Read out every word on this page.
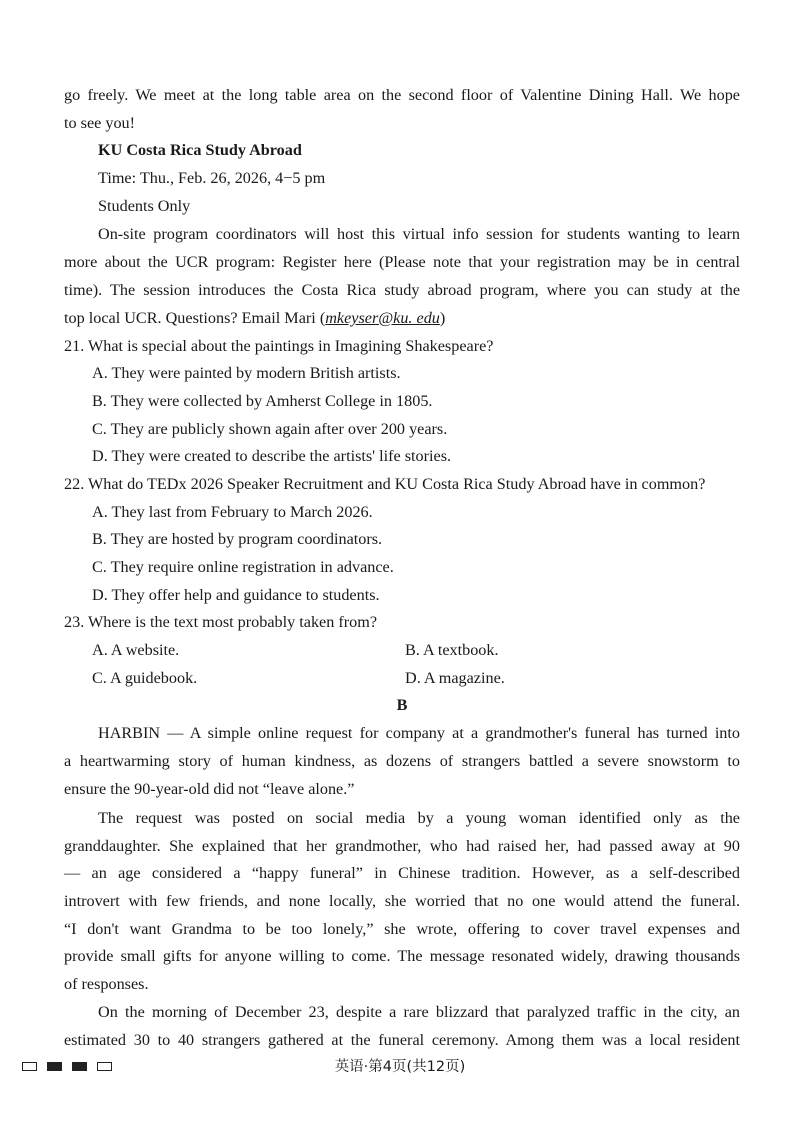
go freely. We meet at the long table area on the second floor of Valentine Dining Hall. We hope
to see you!
KU Costa Rica Study Abroad
Time: Thu., Feb. 26, 2026, 4−5 pm
Students Only
On-site program coordinators will host this virtual info session for students wanting to learn
more about the UCR program: Register here (Please note that your registration may be in central
time). The session introduces the Costa Rica study abroad program, where you can study at the
top local UCR. Questions? Email Mari (mkeyser@ku. edu)
21. What is special about the paintings in Imagining Shakespeare?
A. They were painted by modern British artists.
B. They were collected by Amherst College in 1805.
C. They are publicly shown again after over 200 years.
D. They were created to describe the artists' life stories.
22. What do TEDx 2026 Speaker Recruitment and KU Costa Rica Study Abroad have in common?
A. They last from February to March 2026.
B. They are hosted by program coordinators.
C. They require online registration in advance.
D. They offer help and guidance to students.
23. Where is the text most probably taken from?
A. A website.	B. A textbook.
C. A guidebook.	D. A magazine.
B
HARBIN — A simple online request for company at a grandmother's funeral has turned into
a heartwarming story of human kindness, as dozens of strangers battled a severe snowstorm to
ensure the 90-year-old did not “leave alone.”
The request was posted on social media by a young woman identified only as the
granddaughter. She explained that her grandmother, who had raised her, had passed away at 90
— an age considered a “happy funeral” in Chinese tradition. However, as a self-described
introvert with few friends, and none locally, she worried that no one would attend the funeral.
“I don't want Grandma to be too lonely,” she wrote, offering to cover travel expenses and
provide small gifts for anyone willing to come. The message resonated widely, drawing thousands
of responses.
On the morning of December 23, despite a rare blizzard that paralyzed traffic in the city, an
estimated 30 to 40 strangers gathered at the funeral ceremony. Among them was a local resident
英语·第4页(共12页)
